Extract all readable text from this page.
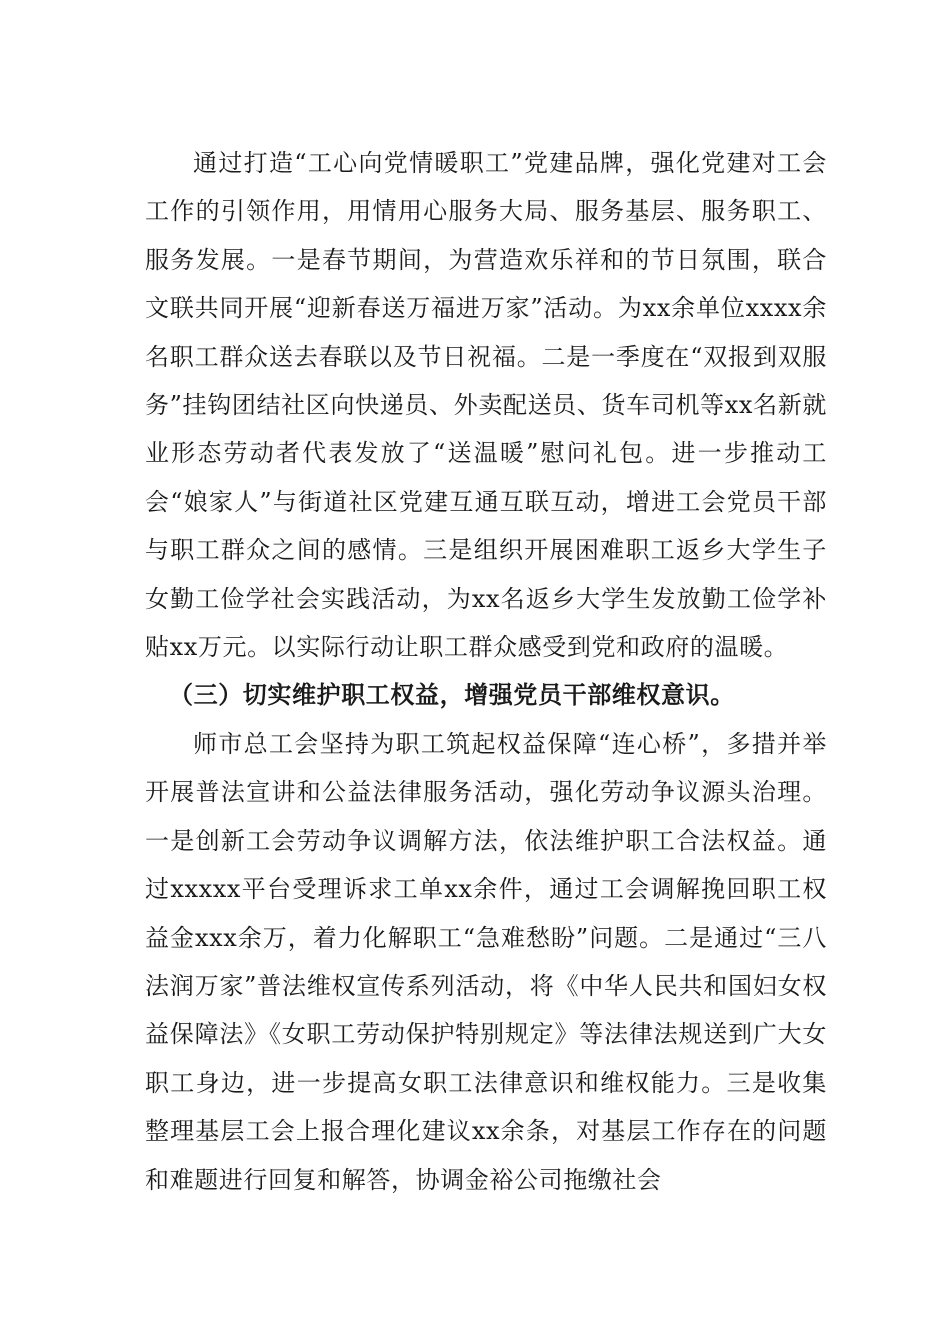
通过打造“工心向党情暖职工”党建品牌，强化党建对工会工作的引领作用，用情用心服务大局、服务基层、服务职工、服务发展。一是春节期间，为营造欢乐祥和的节日氛围，联合文联共同开展“迎新春送万福进万家”活动。为xx余单位xxxx余名职工群众送去春联以及节日祝福。二是一季度在“双报到双服务”挂钩团结社区向快递员、外卖配送员、货车司机等xx名新就业形态劳动者代表发放了“送温暖”慰问礼包。进一步推动工会“娘家人”与街道社区党建互通互联互动，增进工会党员干部与职工群众之间的感情。三是组织开展困难职工返乡大学生子女勤工俭学社会实践活动，为xx名返乡大学生发放勤工俭学补贴xx万元。以实际行动让职工群众感受到党和政府的温暖。

（三）切实维护职工权益，增强党员干部维权意识。

师市总工会坚持为职工筑起权益保障“连心桥”，多措并举开展普法宣讲和公益法律服务活动，强化劳动争议源头治理。一是创新工会劳动争议调解方法，依法维护职工合法权益。通过xxxxx平台受理诉求工单xx余件，通过工会调解挽回职工权益金xxx余万，着力化解职工“急难愁盼”问题。二是通过“三八法润万家”普法维权宣传系列活动，将《中华人民共和国妇女权益保障法》《女职工劳动保护特别规定》等法律法规送到广大女职工身边，进一步提高女职工法律意识和维权能力。三是收集整理基层工会上报合理化建议xx余条，对基层工作存在的问题和难题进行回复和解答，协调金裕公司拖缴社会
